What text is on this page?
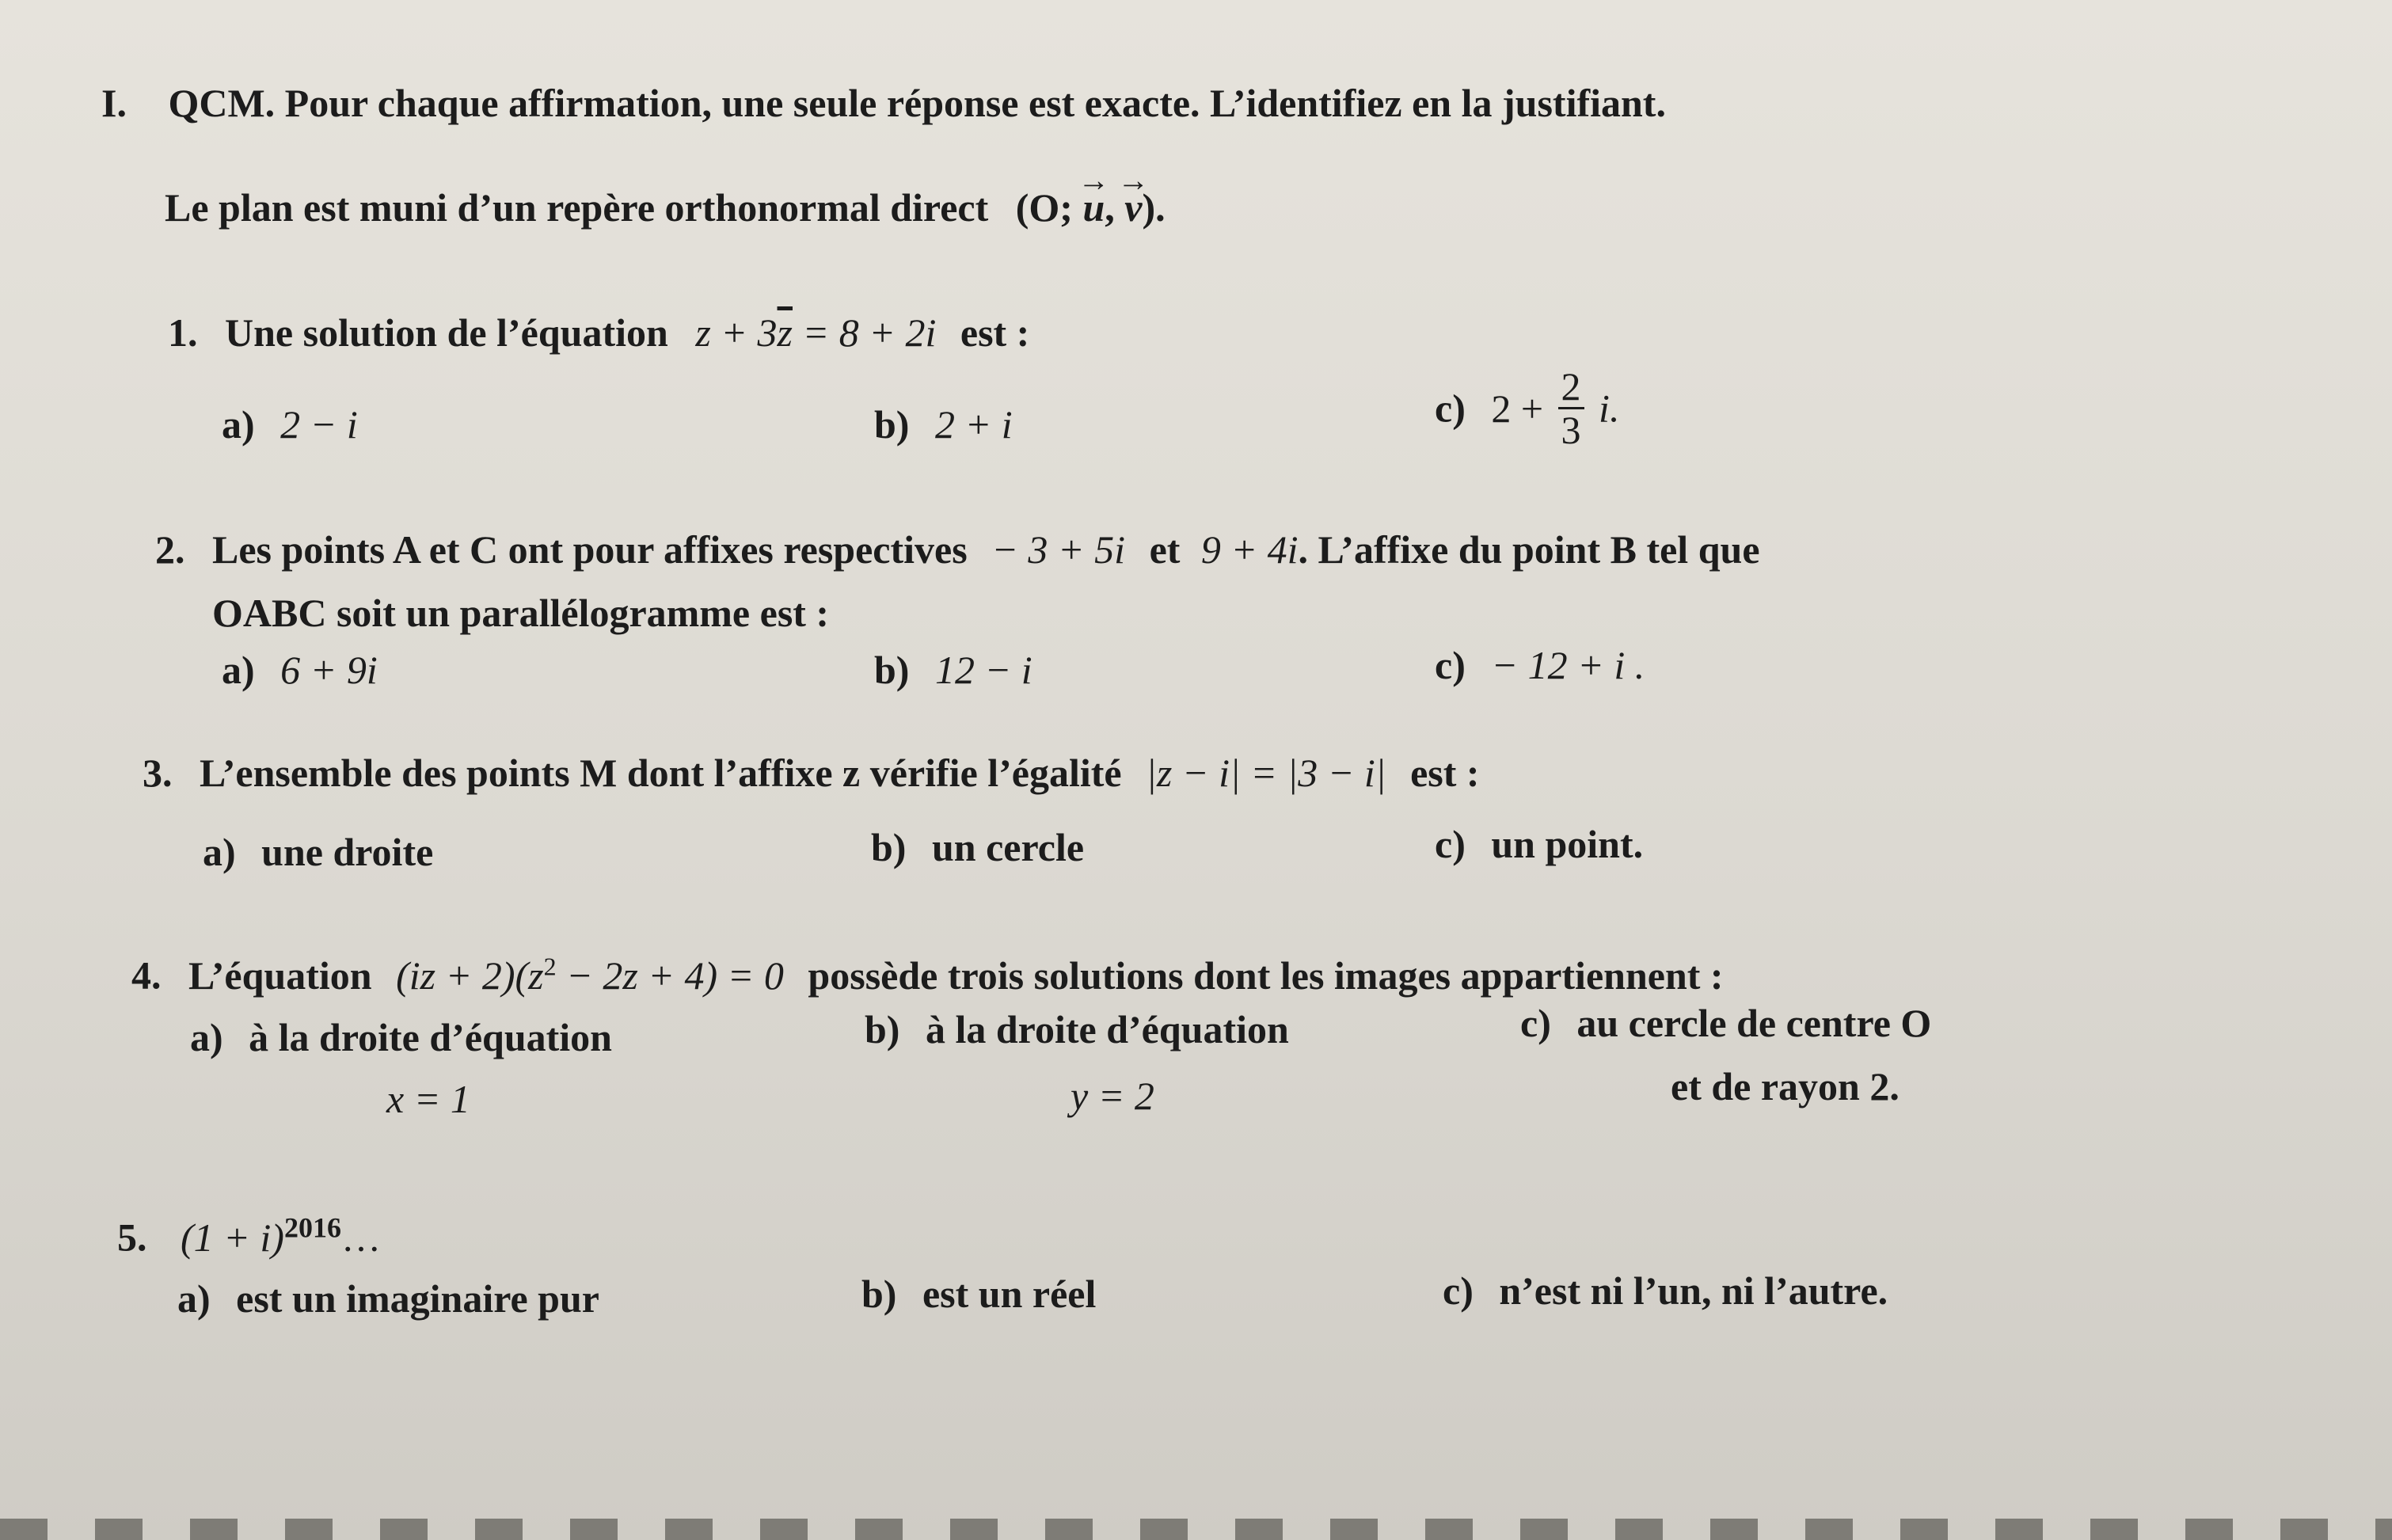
I. QCM. Pour chaque affirmation, une seule réponse est exacte. L’identifiez en la justifiant.
Le plan est muni d’un repère orthonormal direct (O; → u, → v).
1. Une solution de l’équation $z + 3\overline{z} = 8 + 2i$ est :
a) 2 − i	b) 2 + i	c) $2 + \frac{2}{3} i$.
2. Les points A et C ont pour affixes respectives − 3 + 5i et 9 + 4i. L’affixe du point B tel que
OABC soit un parallélogramme est :
a) 6 + 9i	b) 12 − i	c) − 12 + i .
3. L’ensemble des points M dont l’affixe z vérifie l’égalité |z − i| = |3 − i| est :
a) une droite	b) un cercle	c) un point.
4. L’équation $(iz + 2)(z^2 - 2z + 4) = 0$ possède trois solutions dont les images appartiennent :
a) à la droite d’équation
x = 1
b) à la droite d’équation
y = 2
c) au cercle de centre O
et de rayon 2.
5. $(1 + i)^{2016}\dots$
a) est un imaginaire pur	b) est un réel	c) n’est ni l’un, ni l’autre.
